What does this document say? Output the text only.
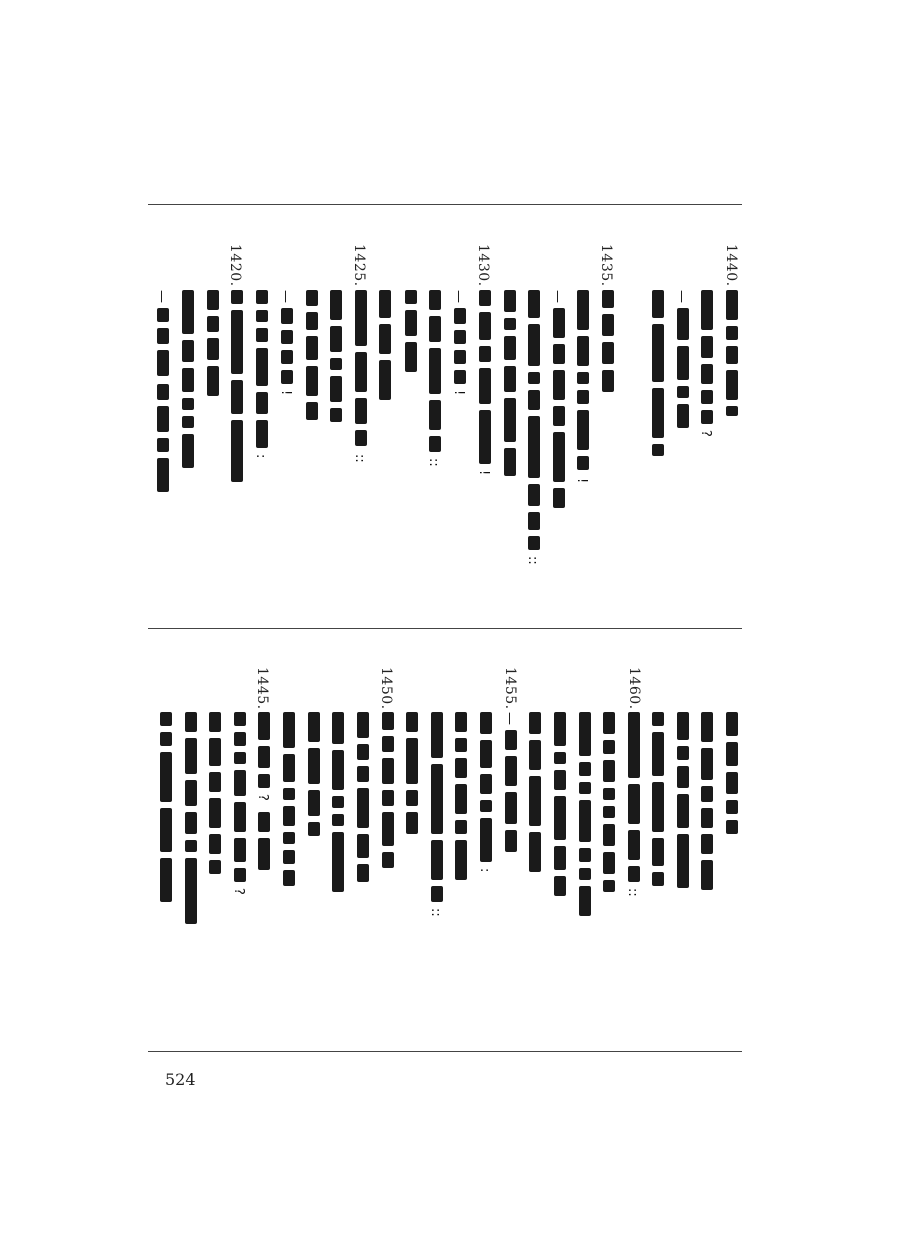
1440.
1435.
1430.
1425.
1420.
1460.
1455.
1450.
1445.
?
—
!
—
::
!
—
!
::
::
—
!
:
—
::
—
:
::
?
?
524
